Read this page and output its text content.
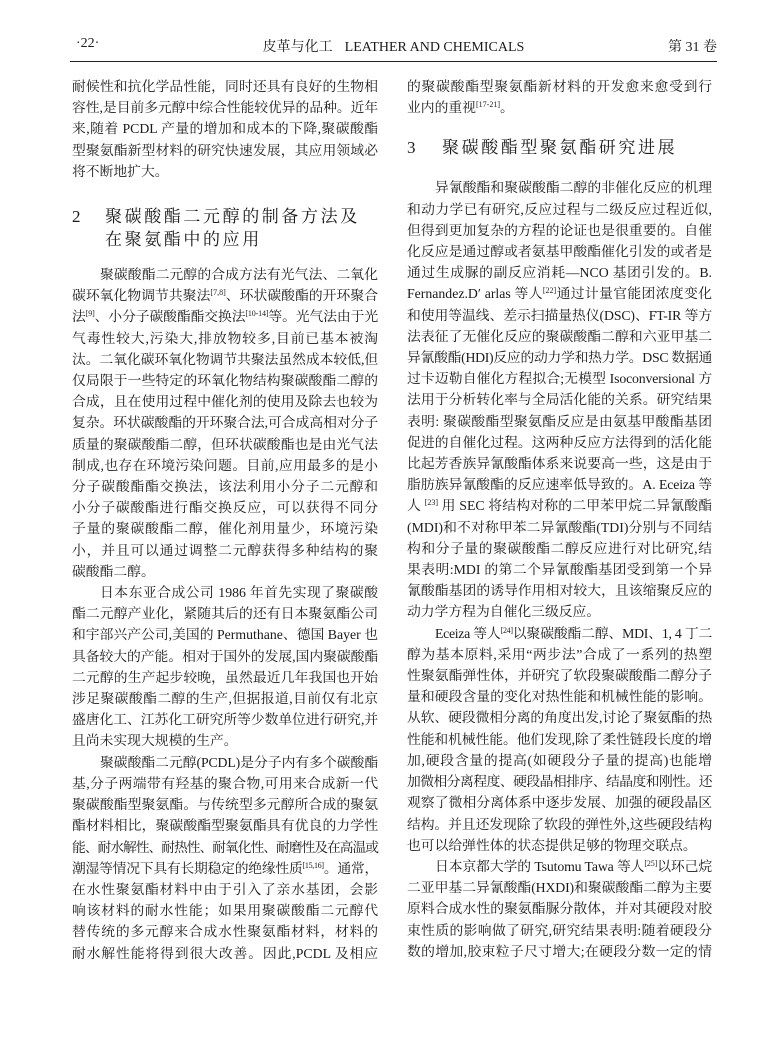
·22·	皮革与化工 LEATHER AND CHEMICALS	第 31 卷
耐候性和抗化学品性能，同时还具有良好的生物相
容性,是目前多元醇中综合性能较优异的品种。近年
来,随着 PCDL 产量的增加和成本的下降,聚碳酸酯
型聚氨酯新型材料的研究快速发展，其应用领域必
将不断地扩大。
2	聚碳酸酯二元醇的制备方法及
在聚氨酯中的应用
聚碳酸酯二元醇的合成方法有光气法、二氧化
碳环氧化物调节共聚法[7,8]、环状碳酸酯的开环聚合
法[9]、小分子碳酸酯酯交换法[10-14]等。光气法由于光
气毒性较大,污染大,排放物较多,目前已基本被淘
汰。二氧化碳环氧化物调节共聚法虽然成本较低,但
仅局限于一些特定的环氧化物结构聚碳酸酯二醇的
合成，且在使用过程中催化剂的使用及除去也较为
复杂。环状碳酸酯的开环聚合法,可合成高相对分子
质量的聚碳酸酯二醇，但环状碳酸酯也是由光气法
制成,也存在环境污染问题。目前,应用最多的是小
分子碳酸酯酯交换法，该法利用小分子二元醇和
小分子碳酸酯进行酯交换反应，可以获得不同分
子量的聚碳酸酯二醇，催化剂用量少，环境污染
小，并且可以通过调整二元醇获得多种结构的聚
碳酸酯二醇。
日本东亚合成公司 1986 年首先实现了聚碳酸
酯二元醇产业化，紧随其后的还有日本聚氨酯公司
和宇部兴产公司,美国的 Permuthane、德国 Bayer 也
具备较大的产能。相对于国外的发展,国内聚碳酸酯
二元醇的生产起步较晚，虽然最近几年我国也开始
涉足聚碳酸酯二醇的生产,但据报道,目前仅有北京
盛唐化工、江苏化工研究所等少数单位进行研究,并
且尚未实现大规模的生产。
聚碳酸酯二元醇(PCDL)是分子内有多个碳酸酯
基,分子两端带有羟基的聚合物,可用来合成新一代
聚碳酸酯型聚氨酯。与传统型多元醇所合成的聚氨
酯材料相比，聚碳酸酯型聚氨酯具有优良的力学性
能、耐水解性、耐热性、耐氧化性、耐磨性及在高温或
潮湿等情况下具有长期稳定的绝缘性质[15,16]。通常，
在水性聚氨酯材料中由于引入了亲水基团，会影
响该材料的耐水性能；如果用聚碳酸酯二元醇代
替传统的多元醇来合成水性聚氨酯材料，材料的
耐水解性能将得到很大改善。因此,PCDL 及相应
的聚碳酸酯型聚氨酯新材料的开发愈来愈受到行
业内的重视[17-21]。
3	聚碳酸酯型聚氨酯研究进展
异氰酸酯和聚碳酸酯二醇的非催化反应的机理
和动力学已有研究,反应过程与二级反应过程近似,
但得到更加复杂的方程的论证也是很重要的。自催
化反应是通过醇或者氨基甲酸酯催化引发的或者是
通过生成脲的副反应消耗—NCO 基团引发的。B.
Fernandez.D′ arlas 等人[22]通过计量官能团浓度变化
和使用等温线、差示扫描量热仪(DSC)、FT-IR 等方
法表征了无催化反应的聚碳酸酯二醇和六亚甲基二
异氰酸酯(HDI)反应的动力学和热力学。DSC 数据通
过卡迈勒自催化方程拟合;无模型 Isoconversional 方
法用于分析转化率与全局活化能的关系。研究结果
表明: 聚碳酸酯型聚氨酯反应是由氨基甲酸酯基团
促进的自催化过程。这两种反应方法得到的活化能
比起芳香族异氰酸酯体系来说要高一些，这是由于
脂肪族异氰酸酯的反应速率低导致的。A. Eceiza 等
人 [23] 用 SEC 将结构对称的二甲苯甲烷二异氰酸酯
(MDI)和不对称甲苯二异氰酸酯(TDI)分别与不同结
构和分子量的聚碳酸酯二醇反应进行对比研究,结
果表明:MDI 的第二个异氰酸酯基团受到第一个异
氰酸酯基团的诱导作用相对较大，且该缩聚反应的
动力学方程为自催化三级反应。
Eceiza 等人[24]以聚碳酸酯二醇、MDI、1, 4 丁二
醇为基本原料,采用“两步法”合成了一系列的热塑
性聚氨酯弹性体，并研究了软段聚碳酸酯二醇分子
量和硬段含量的变化对热性能和机械性能的影响。
从软、硬段微相分离的角度出发,讨论了聚氨酯的热
性能和机械性能。他们发现,除了柔性链段长度的增
加,硬段含量的提高(如硬段分子量的提高)也能增
加微相分离程度、硬段晶相排序、结晶度和刚性。还
观察了微相分离体系中逐步发展、加强的硬段晶区
结构。并且还发现除了软段的弹性外,这些硬段结构
也可以给弹性体的状态提供足够的物理交联点。
日本京都大学的 Tsutomu Tawa 等人[25]以环己烷
二亚甲基二异氰酸酯(HXDI)和聚碳酸酯二醇为主要
原料合成水性的聚氨酯脲分散体，并对其硬段对胶
束性质的影响做了研究,研究结果表明:随着硬段分
数的增加,胶束粒子尺寸增大;在硬段分数一定的情
